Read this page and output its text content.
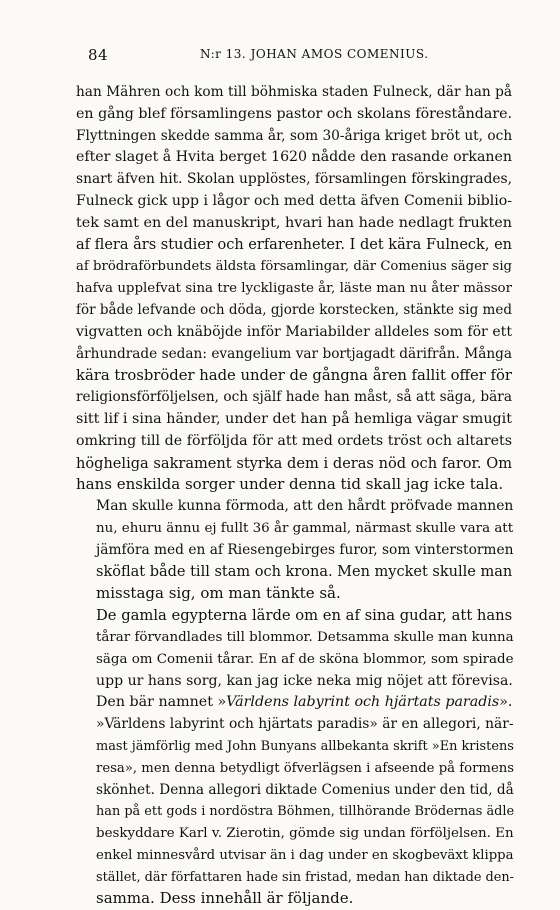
84	N:r 13. JOHAN AMOS COMENIUS.

han Mähren och kom till böhmiska staden Fulneck, där han på
en gång blef församlingens pastor och skolans föreståndare.
Flyttningen skedde samma år, som 30-åriga kriget bröt ut, och
efter slaget å Hvita berget 1620 nådde den rasande orkanen
snart äfven hit. Skolan upplöstes, församlingen förskingrades,
Fulneck gick upp i lågor och med detta äfven Comenii biblio-
tek samt en del manuskript, hvari han hade nedlagt frukten
af flera års studier och erfarenheter. I det kära Fulneck, en
af brödraförbundets äldsta församlingar, där Comenius säger sig
hafva upplefvat sina tre lyckligaste år, läste man nu åter mässor
för både lefvande och döda, gjorde korstecken, stänkte sig med
vigvatten och knäböjde inför Mariabilder alldeles som för ett
århundrade sedan: evangelium var bortjagadt därifrån. Många
kära trosbröder hade under de gångna åren fallit offer för
religionsförföljelsen, och själf hade han måst, så att säga, bära
sitt lif i sina händer, under det han på hemliga vägar smugit
omkring till de förföljda för att med ordets tröst och altarets
högheliga sakrament styrka dem i deras nöd och faror. Om
hans enskilda sorger under denna tid skall jag icke tala.

Man skulle kunna förmoda, att den hårdt pröfvade mannen
nu, ehuru ännu ej fullt 36 år gammal, närmast skulle vara att
jämföra med en af Riesengebirges furor, som vinterstormen
sköflat både till stam och krona. Men mycket skulle man
misstaga sig, om man tänkte så.

De gamla egypterna lärde om en af sina gudar, att hans
tårar förvandlades till blommor. Detsamma skulle man kunna
säga om Comenii tårar. En af de sköna blommor, som spirade
upp ur hans sorg, kan jag icke neka mig nöjet att förevisa.
Den bär namnet »Världens labyrint och hjärtats paradis».

»Världens labyrint och hjärtats paradis» är en allegori, när-
mast jämförlig med John Bunyans allbekanta skrift »En kristens
resa», men denna betydligt öfverlägsen i afseende på formens
skönhet. Denna allegori diktade Comenius under den tid, då
han på ett gods i nordöstra Böhmen, tillhörande Brödernas ädle
beskyddare Karl v. Zierotin, gömde sig undan förföljelsen. En
enkel minnesvård utvisar än i dag under en skogbeväxt klippa
stället, där författaren hade sin fristad, medan han diktade den-
samma. Dess innehåll är följande.
